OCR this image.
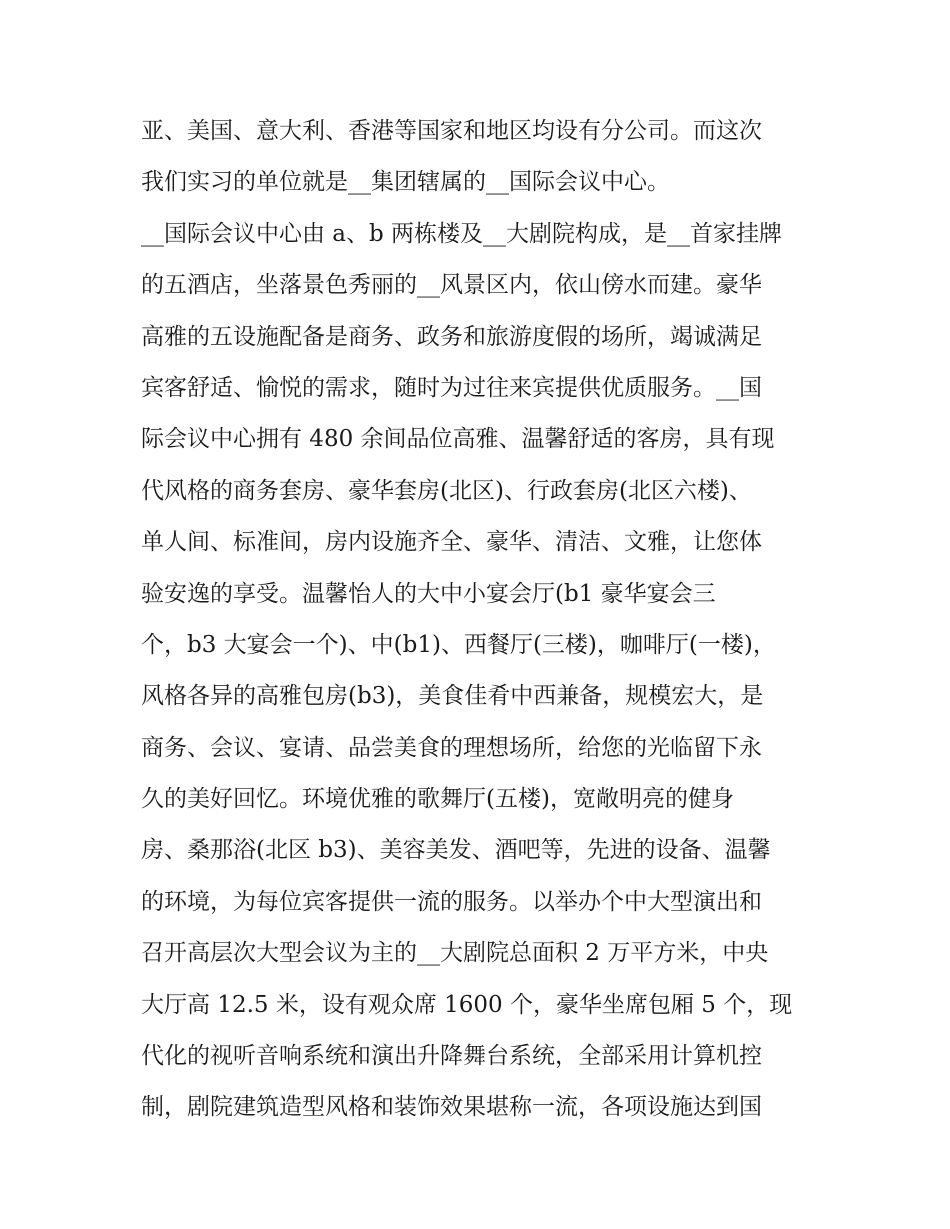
亚、美国、意大利、香港等国家和地区均设有分公司。而这次
我们实习的单位就是__集团辖属的__国际会议中心。
__国际会议中心由 a、b 两栋楼及__大剧院构成，是__首家挂牌
的五酒店，坐落景色秀丽的__风景区内，依山傍水而建。豪华
高雅的五设施配备是商务、政务和旅游度假的场所，竭诚满足
宾客舒适、愉悦的需求，随时为过往来宾提供优质服务。__国
际会议中心拥有 480 余间品位高雅、温馨舒适的客房，具有现
代风格的商务套房、豪华套房(北区)、行政套房(北区六楼)、
单人间、标准间，房内设施齐全、豪华、清洁、文雅，让您体
验安逸的享受。温馨怡人的大中小宴会厅(b1 豪华宴会三
个，b3 大宴会一个)、中(b1)、西餐厅(三楼)，咖啡厅(一楼)，
风格各异的高雅包房(b3)，美食佳肴中西兼备，规模宏大，是
商务、会议、宴请、品尝美食的理想场所，给您的光临留下永
久的美好回忆。环境优雅的歌舞厅(五楼)，宽敞明亮的健身
房、桑那浴(北区 b3)、美容美发、酒吧等，先进的设备、温馨
的环境，为每位宾客提供一流的服务。以举办个中大型演出和
召开高层次大型会议为主的__大剧院总面积 2 万平方米，中央
大厅高 12.5 米，设有观众席 1600 个，豪华坐席包厢 5 个，现
代化的视听音响系统和演出升降舞台系统，全部采用计算机控
制，剧院建筑造型风格和装饰效果堪称一流，各项设施达到国
